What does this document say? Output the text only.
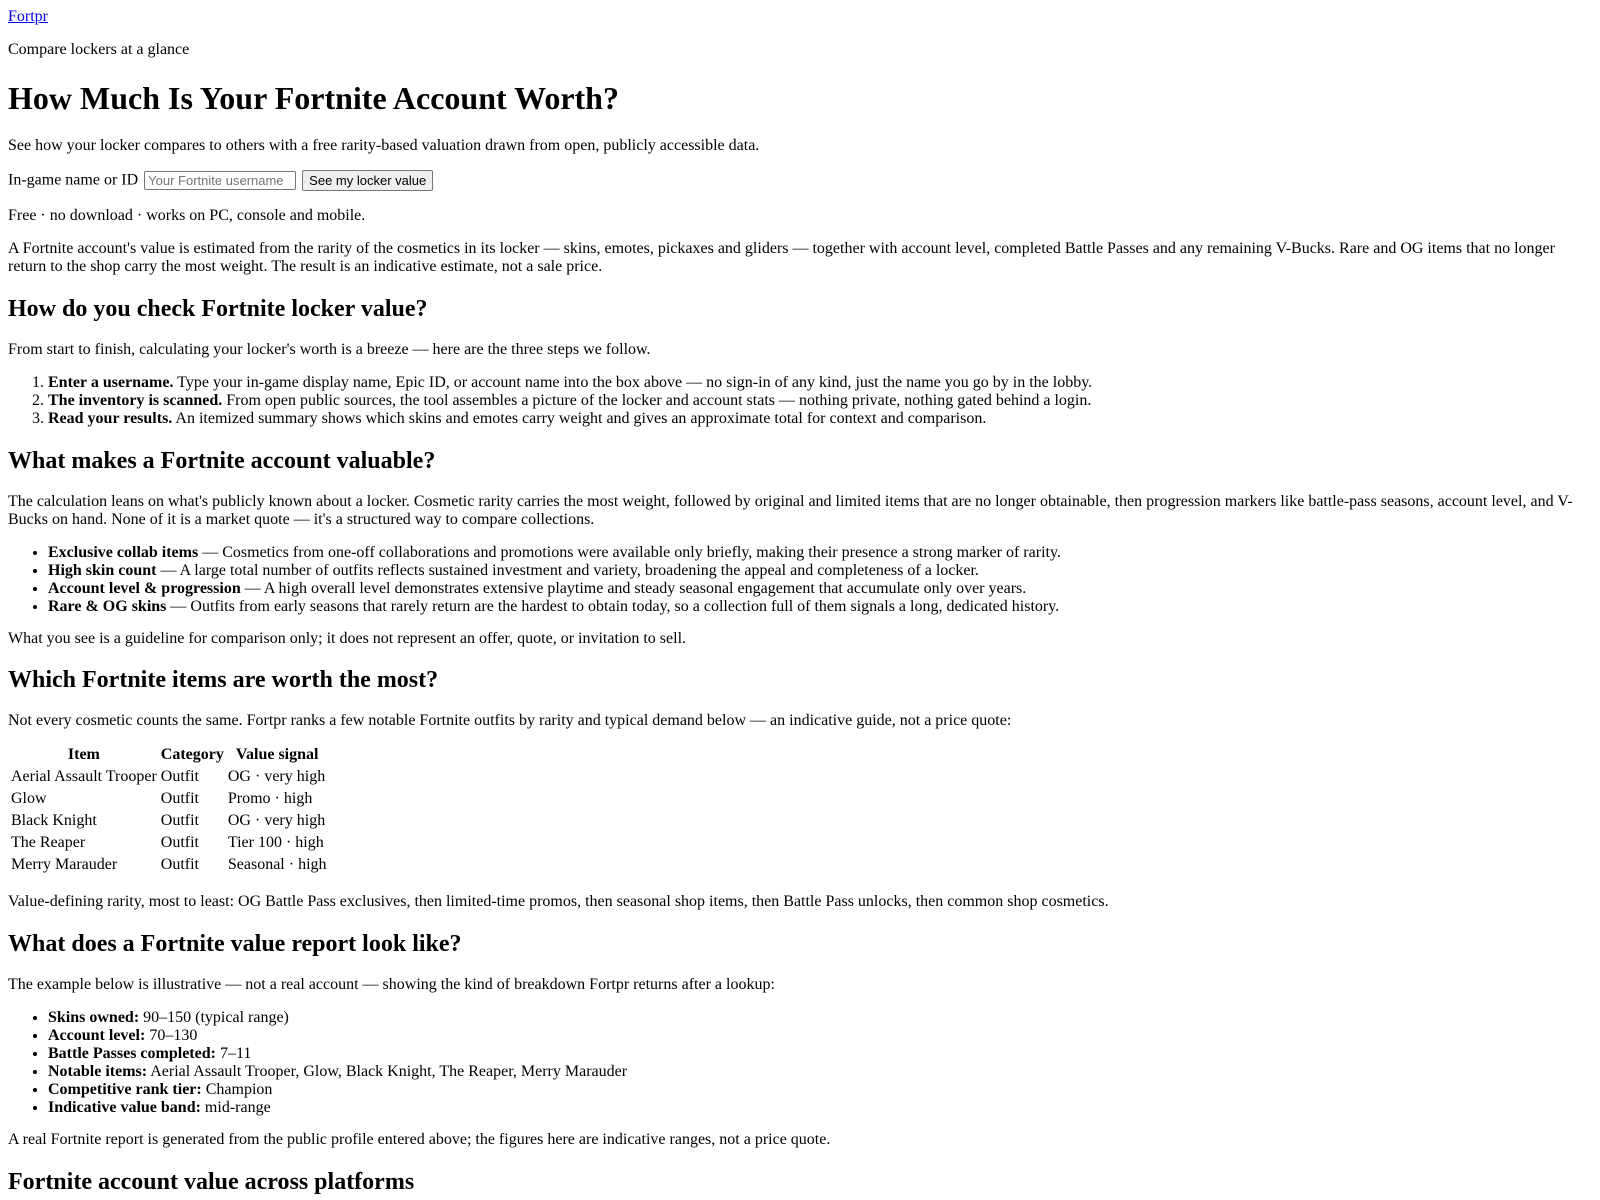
Fortpr

Compare lockers at a glance

How Much Is Your Fortnite Account Worth?

See how your locker compares to others with a free rarity-based valuation drawn from open, publicly accessible data.

In-game name or ID Your Fortnite username	See my locker value

Free · no download · works on PC, console and mobile.

A Fortnite account's value is estimated from the rarity of the cosmetics in its locker — skins, emotes, pickaxes and gliders — together with account level, completed Battle Passes and any remaining V-Bucks. Rare and OG items that no longer return to the shop carry the most weight. The result is an indicative estimate, not a sale price.

How do you check Fortnite locker value?

From start to finish, calculating your locker's worth is a breeze — here are the three steps we follow.

1. Enter a username. Type your in-game display name, Epic ID, or account name into the box above — no sign-in of any kind, just the name you go by in the lobby.
2. The inventory is scanned. From open public sources, the tool assembles a picture of the locker and account stats — nothing private, nothing gated behind a login.
3. Read your results. An itemized summary shows which skins and emotes carry weight and gives an approximate total for context and comparison.
What makes a Fortnite account valuable?

The calculation leans on what's publicly known about a locker. Cosmetic rarity carries the most weight, followed by original and limited items that are no longer obtainable, then progression markers like battle-pass seasons, account level, and V-Bucks on hand. None of it is a market quote — it's a structured way to compare collections.

• Exclusive collab items — Cosmetics from one-off collaborations and promotions were available only briefly, making their presence a strong marker of rarity.
• High skin count — A large total number of outfits reflects sustained investment and variety, broadening the appeal and completeness of a locker.
• Account level & progression — A high overall level demonstrates extensive playtime and steady seasonal engagement that accumulate only over years.
• Rare & OG skins — Outfits from early seasons that rarely return are the hardest to obtain today, so a collection full of them signals a long, dedicated history.

What you see is a guideline for comparison only; it does not represent an offer, quote, or invitation to sell.

Which Fortnite items are worth the most?

Not every cosmetic counts the same. Fortpr ranks a few notable Fortnite outfits by rarity and typical demand below — an indicative guide, not a price quote:

Item	Category	Value signal
Aerial Assault Trooper	Outfit	OG · very high
Glow	Outfit	Promo · high
Black Knight	Outfit	OG · very high
The Reaper	Outfit	Tier 100 · high
Merry Marauder	Outfit	Seasonal · high

Value-defining rarity, most to least: OG Battle Pass exclusives, then limited-time promos, then seasonal shop items, then Battle Pass unlocks, then common shop cosmetics.

What does a Fortnite value report look like?

The example below is illustrative — not a real account — showing the kind of breakdown Fortpr returns after a lookup:

• Skins owned: 90–150 (typical range)
• Account level: 70–130
• Battle Passes completed: 7–11
• Notable items: Aerial Assault Trooper, Glow, Black Knight, The Reaper, Merry Marauder
• Competitive rank tier: Champion
• Indicative value band: mid-range

A real Fortnite report is generated from the public profile entered above; the figures here are indicative ranges, not a price quote.

Fortnite account value across platforms
